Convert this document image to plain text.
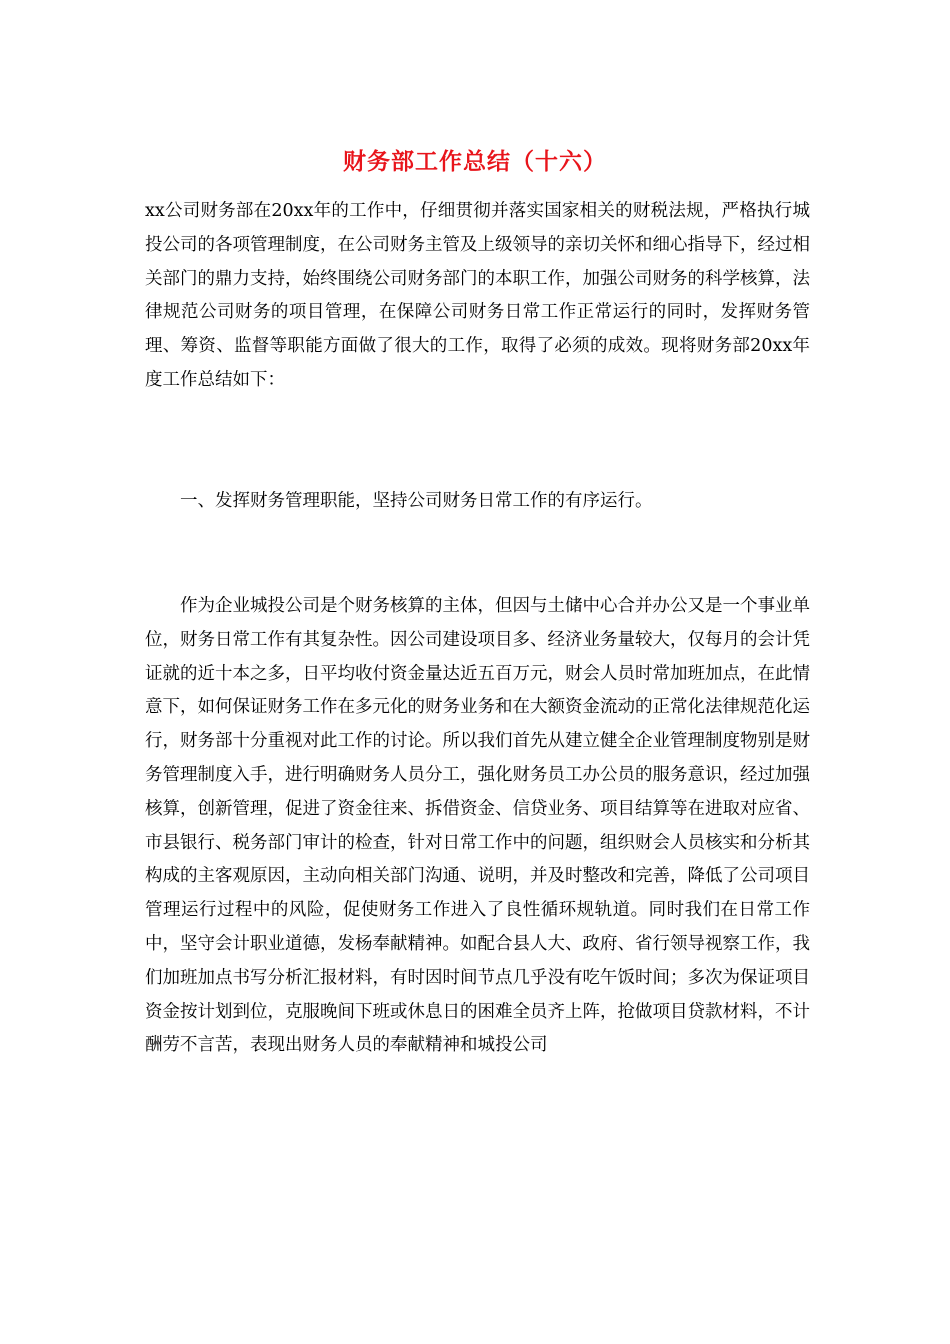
财务部工作总结（十六）

xx公司财务部在20xx年的工作中，仔细贯彻并落实国家相关的财税法规，严格执行城投公司的各项管理制度，在公司财务主管及上级领导的亲切关怀和细心指导下，经过相关部门的鼎力支持，始终围绕公司财务部门的本职工作，加强公司财务的科学核算，法律规范公司财务的项目管理，在保障公司财务日常工作正常运行的同时，发挥财务管理、筹资、监督等职能方面做了很大的工作，取得了必须的成效。现将财务部20xx年度工作总结如下：

一、发挥财务管理职能，坚持公司财务日常工作的有序运行。

作为企业城投公司是个财务核算的主体，但因与土储中心合并办公又是一个事业单位，财务日常工作有其复杂性。因公司建设项目多、经济业务量较大，仅每月的会计凭证就的近十本之多，日平均收付资金量达近五百万元，财会人员时常加班加点，在此情意下，如何保证财务工作在多元化的财务业务和在大额资金流动的正常化法律规范化运行，财务部十分重视对此工作的讨论。所以我们首先从建立健全企业管理制度物别是财务管理制度入手，进行明确财务人员分工，强化财务员工办公员的服务意识，经过加强核算，创新管理，促进了资金往来、拆借资金、信贷业务、项目结算等在进取对应省、市县银行、税务部门审计的检查，针对日常工作中的问题，组织财会人员核实和分析其构成的主客观原因，主动向相关部门沟通、说明，并及时整改和完善，降低了公司项目管理运行过程中的风险，促使财务工作进入了良性循环规轨道。同时我们在日常工作中，坚守会计职业道德，发杨奉献精神。如配合县人大、政府、省行领导视察工作，我们加班加点书写分析汇报材料，有时因时间节点几乎没有吃午饭时间；多次为保证项目资金按计划到位，克服晚间下班或休息日的困难全员齐上阵，抢做项目贷款材料，不计酬劳不言苦，表现出财务人员的奉献精神和城投公司
